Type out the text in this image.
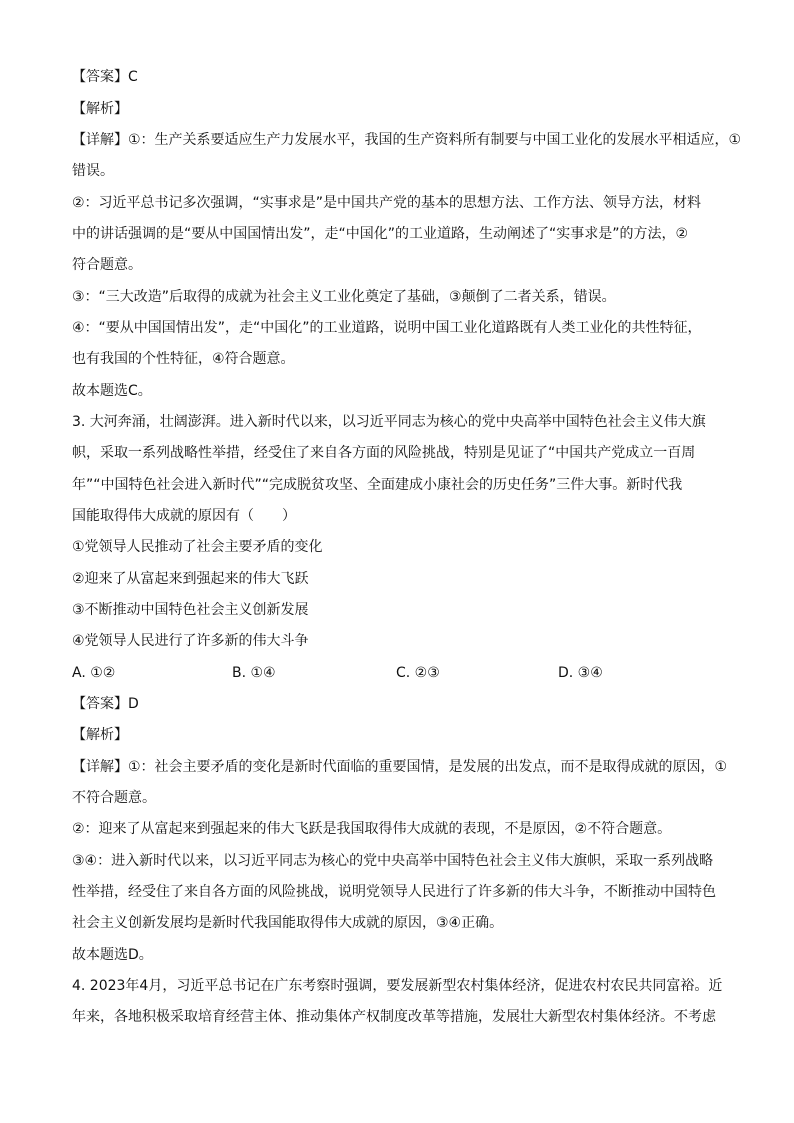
【答案】C
【解析】
【详解】①：生产关系要适应生产力发展水平，我国的生产资料所有制要与中国工业化的发展水平相适应，①
错误。
②：习近平总书记多次强调，“实事求是”是中国共产党的基本的思想方法、工作方法、领导方法，材料
中的讲话强调的是“要从中国国情出发”，走“中国化”的工业道路，生动阐述了“实事求是”的方法，②
符合题意。
③：“三大改造”后取得的成就为社会主义工业化奠定了基础，③颠倒了二者关系，错误。
④：“要从中国国情出发”，走“中国化”的工业道路，说明中国工业化道路既有人类工业化的共性特征，
也有我国的个性特征，④符合题意。
故本题选C。
3. 大河奔涌，壮阔澎湃。进入新时代以来，以习近平同志为核心的党中央高举中国特色社会主义伟大旗
帜，采取一系列战略性举措，经受住了来自各方面的风险挑战，特别是见证了“中国共产党成立一百周
年”“中国特色社会进入新时代”“完成脱贫攻坚、全面建成小康社会的历史任务”三件大事。新时代我
国能取得伟大成就的原因有（　　）
①党领导人民推动了社会主要矛盾的变化
②迎来了从富起来到强起来的伟大飞跃
③不断推动中国特色社会主义创新发展
④党领导人民进行了许多新的伟大斗争
A. ①②	B. ①④	C. ②③	D. ③④
【答案】D
【解析】
【详解】①：社会主要矛盾的变化是新时代面临的重要国情，是发展的出发点，而不是取得成就的原因，①
不符合题意。
②：迎来了从富起来到强起来的伟大飞跃是我国取得伟大成就的表现，不是原因，②不符合题意。
③④：进入新时代以来，以习近平同志为核心的党中央高举中国特色社会主义伟大旗帜，采取一系列战略
性举措，经受住了来自各方面的风险挑战，说明党领导人民进行了许多新的伟大斗争，不断推动中国特色
社会主义创新发展均是新时代我国能取得伟大成就的原因，③④正确。
故本题选D。
4. 2023年4月，习近平总书记在广东考察时强调，要发展新型农村集体经济，促进农村农民共同富裕。近
年来，各地积极采取培育经营主体、推动集体产权制度改革等措施，发展壮大新型农村集体经济。不考虑
